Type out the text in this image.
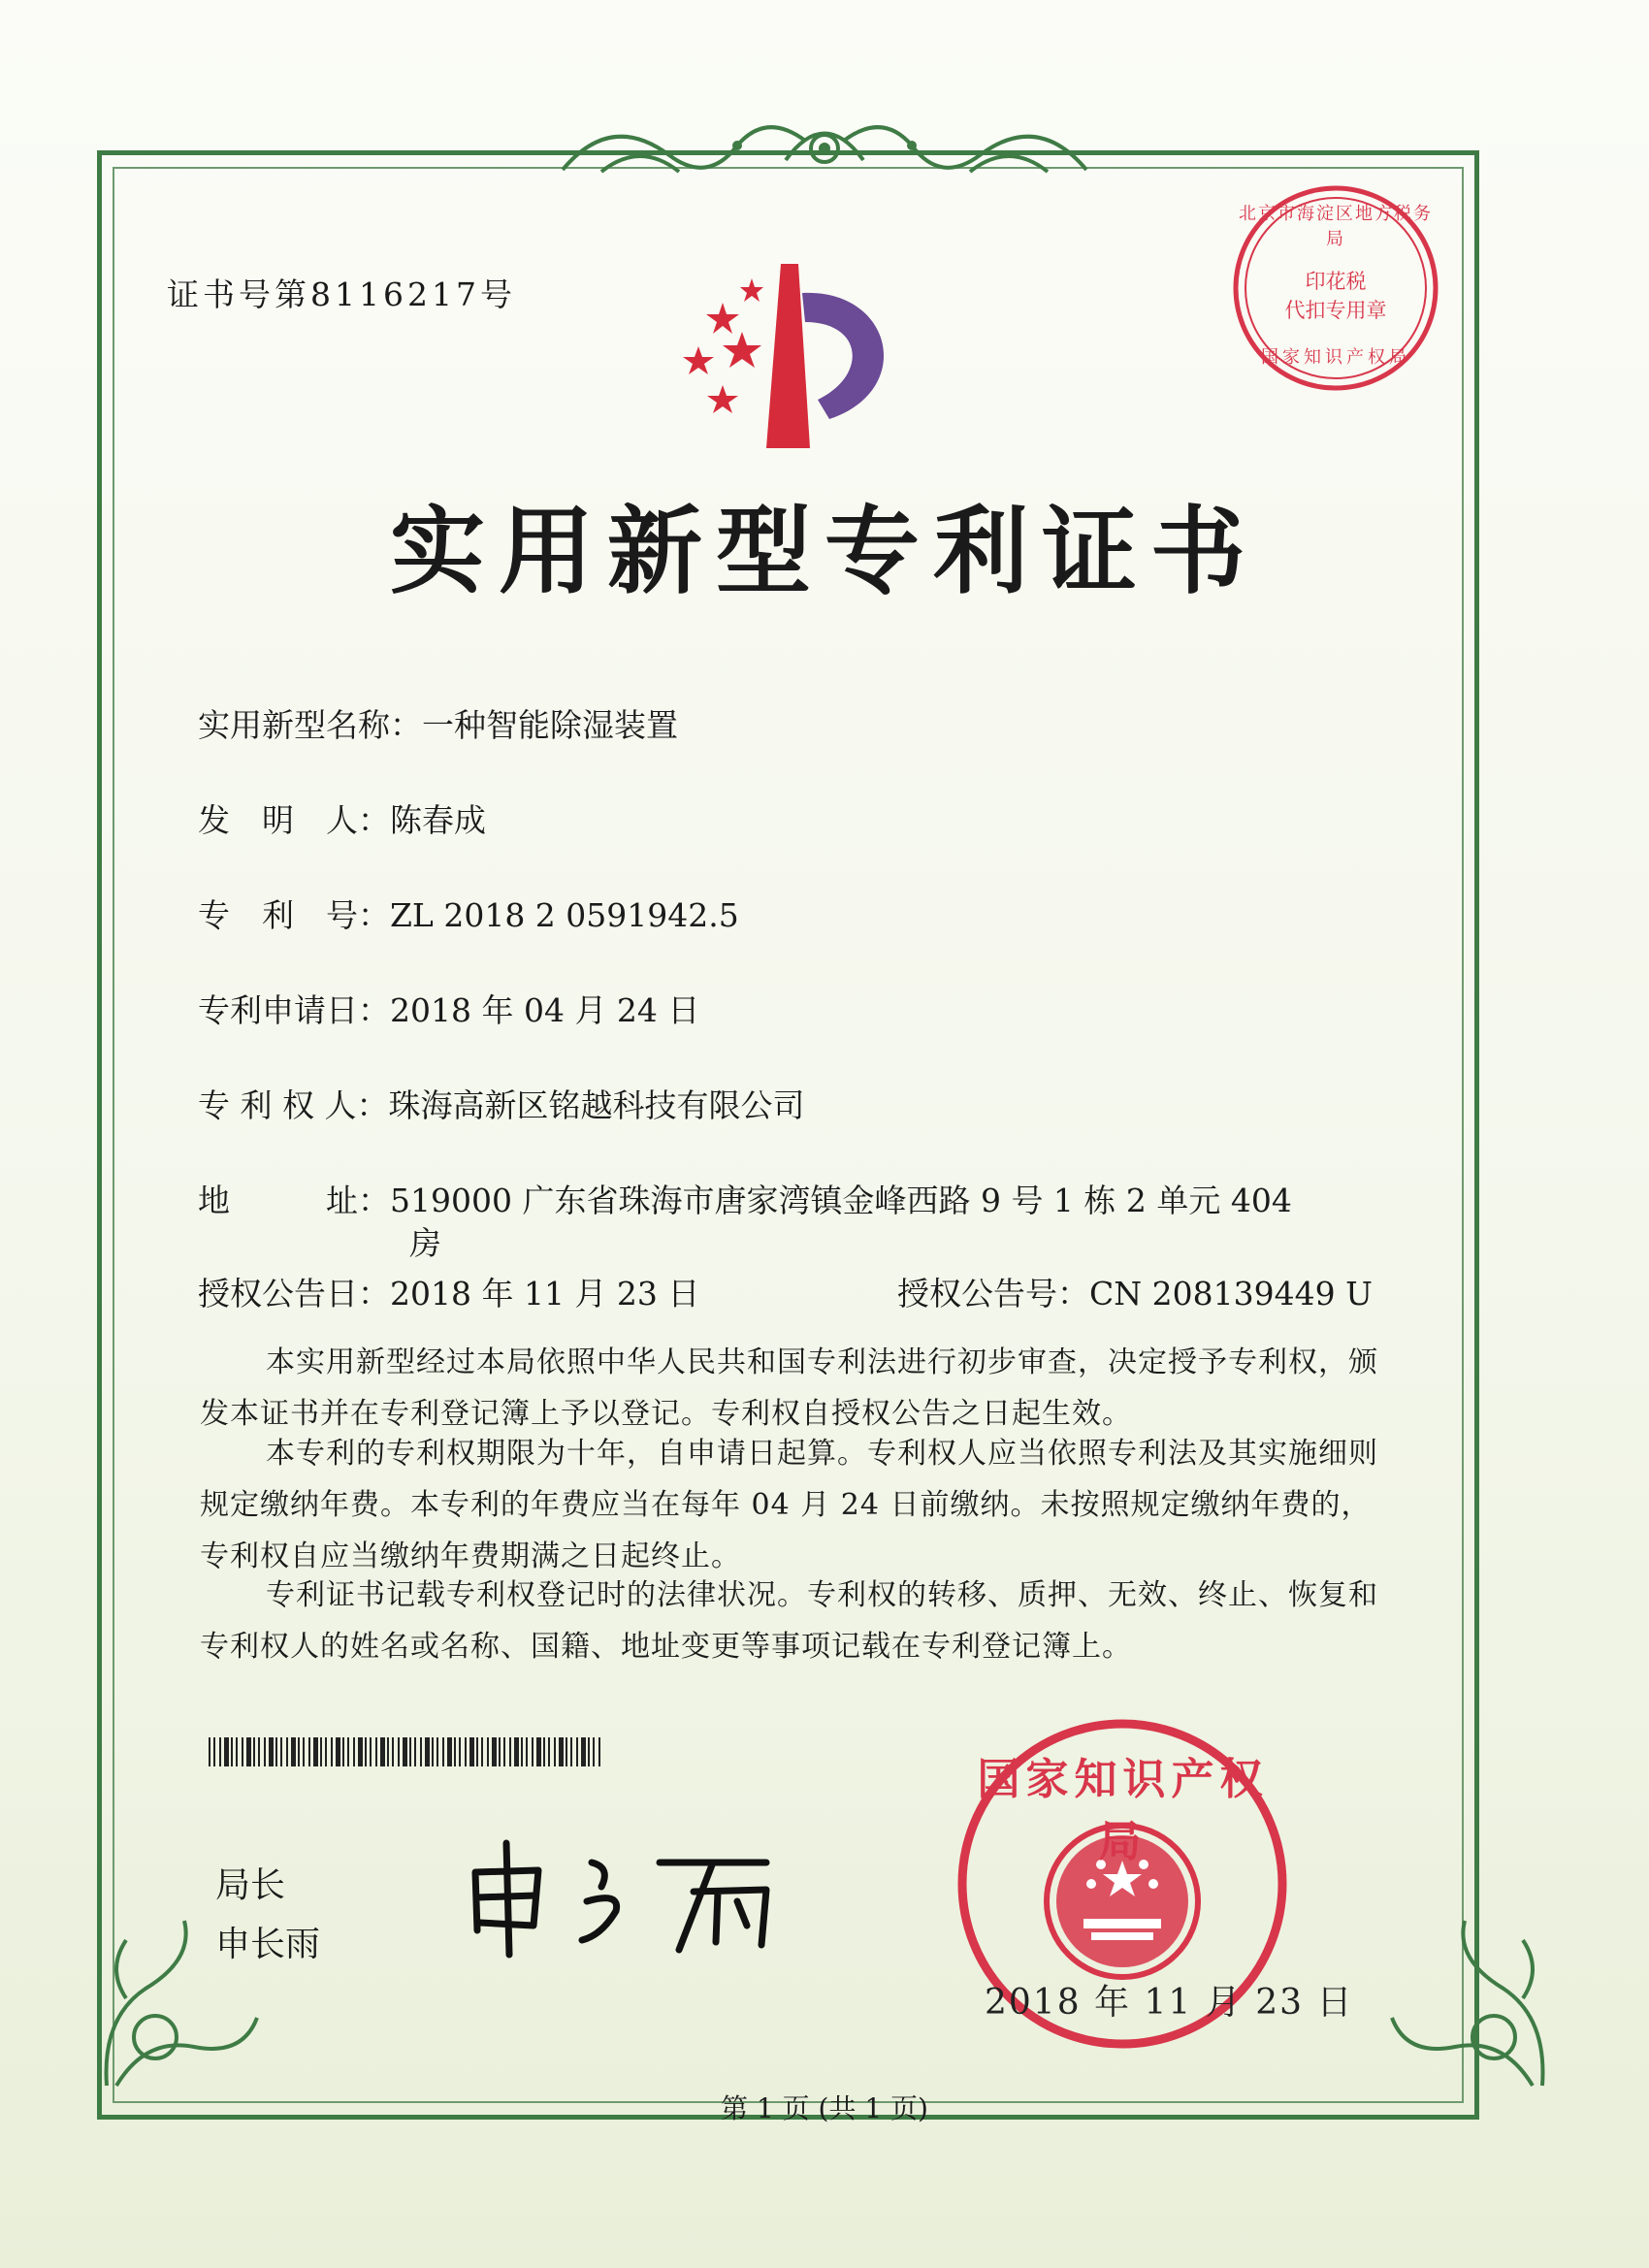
证书号第8116217号
北京市海淀区地方税务局
印花税
代扣专用章
国家知识产权局
实用新型专利证书
实用新型名称：一种智能除湿装置
发　明　人：陈春成
专　利　号：ZL 2018 2 0591942.5
专利申请日：2018 年 04 月 24 日
专 利 权 人：珠海高新区铭越科技有限公司
地　　　址：519000 广东省珠海市唐家湾镇金峰西路 9 号 1 栋 2 单元 404
房
授权公告日：2018 年 11 月 23 日	授权公告号：CN 208139449 U
本实用新型经过本局依照中华人民共和国专利法进行初步审查，决定授予专利权，颁发本证书并在专利登记簿上予以登记。专利权自授权公告之日起生效。
本专利的专利权期限为十年，自申请日起算。专利权人应当依照专利法及其实施细则规定缴纳年费。本专利的年费应当在每年 04 月 24 日前缴纳。未按照规定缴纳年费的，专利权自应当缴纳年费期满之日起终止。
专利证书记载专利权登记时的法律状况。专利权的转移、质押、无效、终止、恢复和专利权人的姓名或名称、国籍、地址变更等事项记载在专利登记簿上。
局长
申长雨
国家知识产权局
2018 年 11 月 23 日
第 1 页 (共 1 页)
